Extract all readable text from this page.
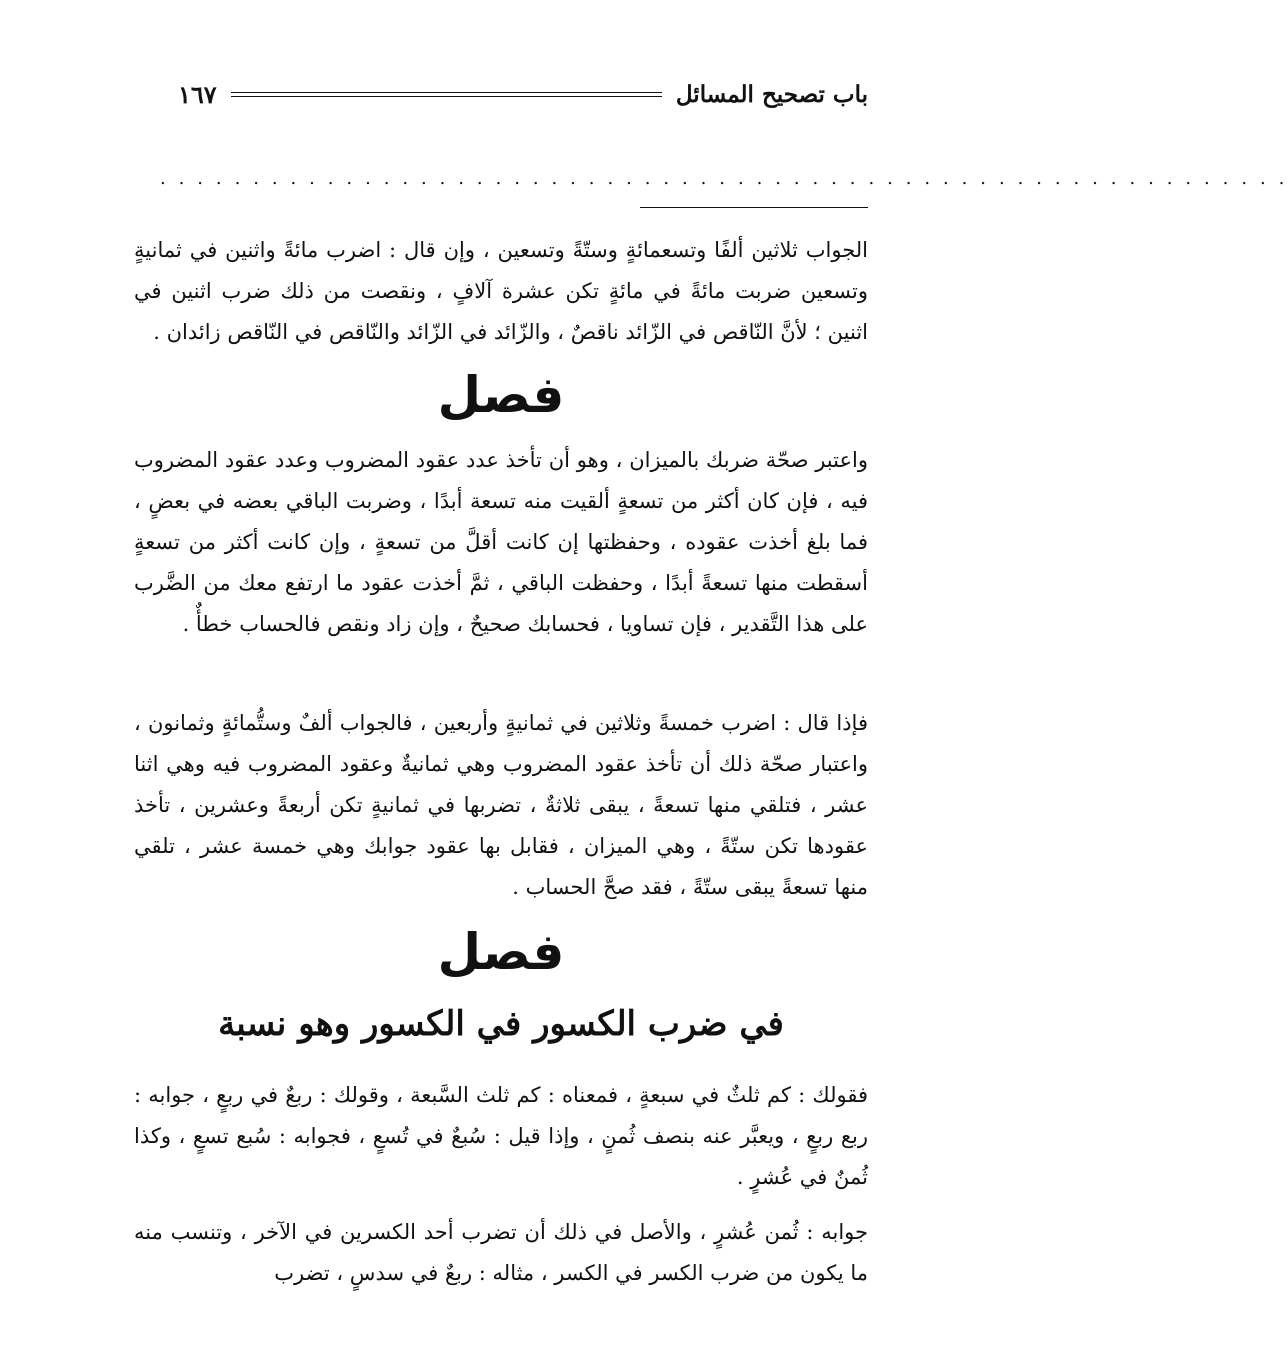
باب تصحيح المسائل
١٦٧
. . . . . . . . . . . . . . . . . . . . . . . . . . . . . . . . . . . . . . . . . . . . . . . . . . . . . . . . . . . . .

الجواب ثلاثين ألفًا وتسعمائةٍ وستّةً وتسعين ، وإن قال : اضرب مائةً واثنين في ثمانيةٍ وتسعين ضربت مائةً في مائةٍ تكن عشرة آلافٍ ، ونقصت من ذلك ضرب اثنين في اثنين ؛ لأنَّ النّاقص في الزّائد ناقصٌ ، والزّائد في الزّائد والنّاقص في النّاقص زائدان .

فصل

واعتبر صحّة ضربك بالميزان ، وهو أن تأخذ عدد عقود المضروب وعدد عقود المضروب فيه ، فإن كان أكثر من تسعةٍ ألقيت منه تسعة أبدًا ، وضربت الباقي بعضه في بعضٍ ، فما بلغ أخذت عقوده ، وحفظتها إن كانت أقلَّ من تسعةٍ ، وإن كانت أكثر من تسعةٍ أسقطت منها تسعةً أبدًا ، وحفظت الباقي ، ثمَّ أخذت عقود ما ارتفع معك من الضَّرب على هذا التَّقدير ، فإن تساويا ، فحسابك صحيحٌ ، وإن زاد ونقص فالحساب خطأٌ .

فإذا قال : اضرب خمسةً وثلاثين في ثمانيةٍ وأربعين ، فالجواب ألفٌ وستُّمائةٍ وثمانون ، واعتبار صحّة ذلك أن تأخذ عقود المضروب وهي ثمانيةٌ وعقود المضروب فيه وهي اثنا عشر ، فتلقي منها تسعةً ، يبقى ثلاثةٌ ، تضربها في ثمانيةٍ تكن أربعةً وعشرين ، تأخذ عقودها تكن ستّةً ، وهي الميزان ، فقابل بها عقود جوابك وهي خمسة عشر ، تلقي منها تسعةً يبقى ستّةً ، فقد صحَّ الحساب .

فصل
في ضرب الكسور في الكسور وهو نسبة

فقولك : كم ثلثٌ في سبعةٍ ، فمعناه : كم ثلث السَّبعة ، وقولك : ربعٌ في ربعٍ ، جوابه : ربع ربعٍ ، ويعبَّر عنه بنصف ثُمنٍ ، وإذا قيل : سُبعٌ في تُسعٍ ، فجوابه : سُبع تسعٍ ، وكذا ثُمنٌ في عُشرٍ .

جوابه : ثُمن عُشرٍ ، والأصل في ذلك أن تضرب أحد الكسرين في الآخر ، وتنسب منه ما يكون من ضرب الكسر في الكسر ، مثاله : ربعٌ في سدسٍ ، تضرب
